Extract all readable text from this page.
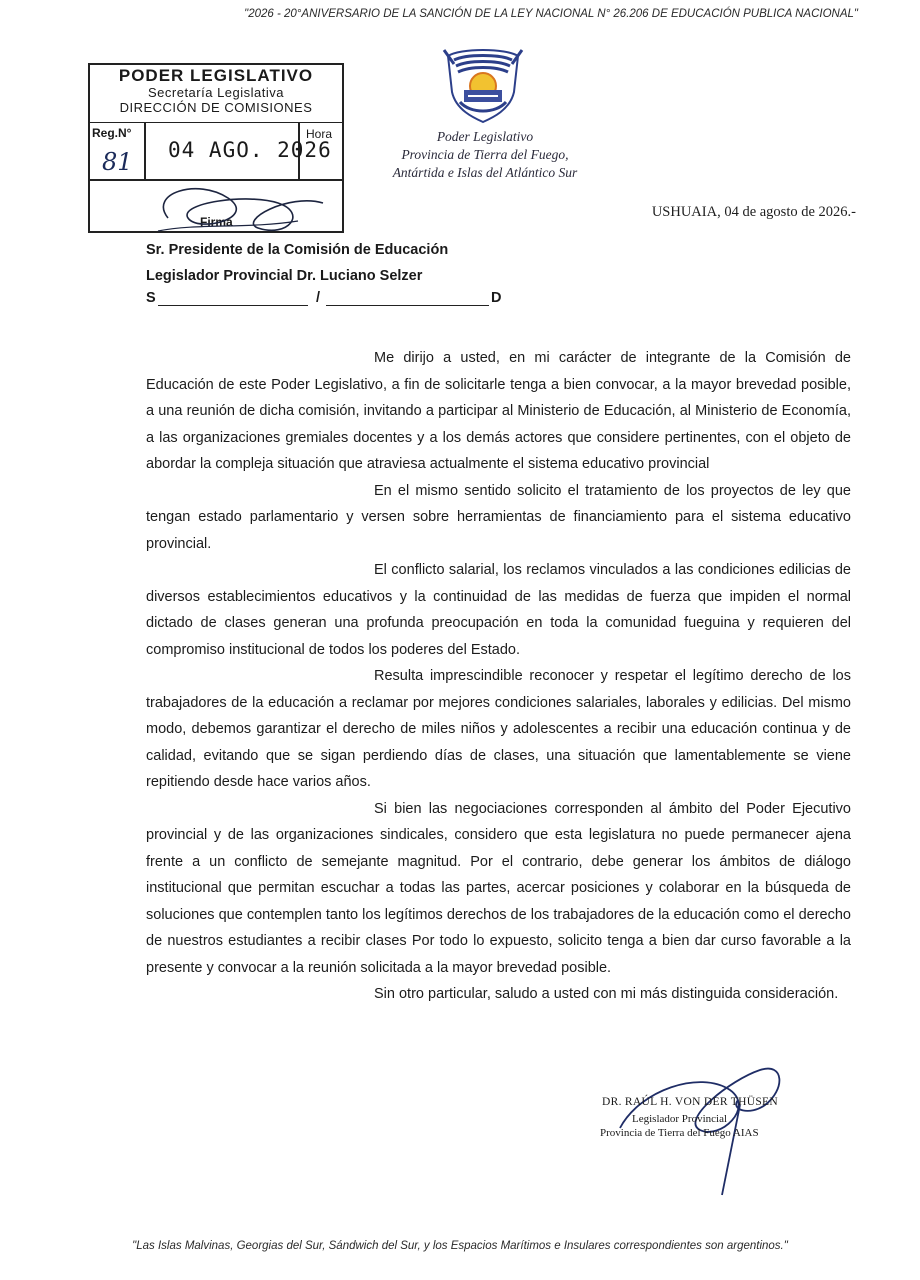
"2026 - 20°ANIVERSARIO DE LA SANCIÓN DE LA LEY NACIONAL N° 26.206 DE EDUCACIÓN PUBLICA NACIONAL"
PODER LEGISLATIVO
Secretaría Legislativa
DIRECCIÓN DE COMISIONES
Reg.N°
81 04 AGO. 2026
Hora
Firma
Poder Legislativo
Provincia de Tierra del Fuego,
Antártida e Islas del Atlántico Sur
USHUAIA, 04 de agosto de 2026.-
Sr. Presidente de la Comisión de Educación
Legislador Provincial Dr. Luciano Selzer
S	/	D

Me dirijo a usted, en mi carácter de integrante de la Comisión de Educación de este Poder Legislativo, a fin de solicitarle tenga a bien convocar, a la mayor brevedad posible, a una reunión de dicha comisión, invitando a participar al Ministerio de Educación, al Ministerio de Economía, a las organizaciones gremiales docentes y a los demás actores que considere pertinentes, con el objeto de abordar la compleja situación que atraviesa actualmente el sistema educativo provincial

En el mismo sentido solicito el tratamiento de los proyectos de ley que tengan estado parlamentario y versen sobre herramientas de financiamiento para el sistema educativo provincial.

El conflicto salarial, los reclamos vinculados a las condiciones edilicias de diversos establecimientos educativos y la continuidad de las medidas de fuerza que impiden el normal dictado de clases generan una profunda preocupación en toda la comunidad fueguina y requieren del compromiso institucional de todos los poderes del Estado.

Resulta imprescindible reconocer y respetar el legítimo derecho de los trabajadores de la educación a reclamar por mejores condiciones salariales, laborales y edilicias. Del mismo modo, debemos garantizar el derecho de miles niños y adolescentes a recibir una educación continua y de calidad, evitando que se sigan perdiendo días de clases, una situación que lamentablemente se viene repitiendo desde hace varios años.

Si bien las negociaciones corresponden al ámbito del Poder Ejecutivo provincial y de las organizaciones sindicales, considero que esta legislatura no puede permanecer ajena frente a un conflicto de semejante magnitud. Por el contrario, debe generar los ámbitos de diálogo institucional que permitan escuchar a todas las partes, acercar posiciones y colaborar en la búsqueda de soluciones que contemplen tanto los legítimos derechos de los trabajadores de la educación como el derecho de nuestros estudiantes a recibir clases Por todo lo expuesto, solicito tenga a bien dar curso favorable a la presente y convocar a la reunión solicitada a la mayor brevedad posible.

Sin otro particular, saludo a usted con mi más distinguida consideración.

DR. RAÚL H. VON DER THÜSEN
Legislador Provincial
Provincia de Tierra del Fuego AIAS
"Las Islas Malvinas, Georgias del Sur, Sándwich del Sur, y los Espacios Marítimos e Insulares correspondientes son argentinos."
